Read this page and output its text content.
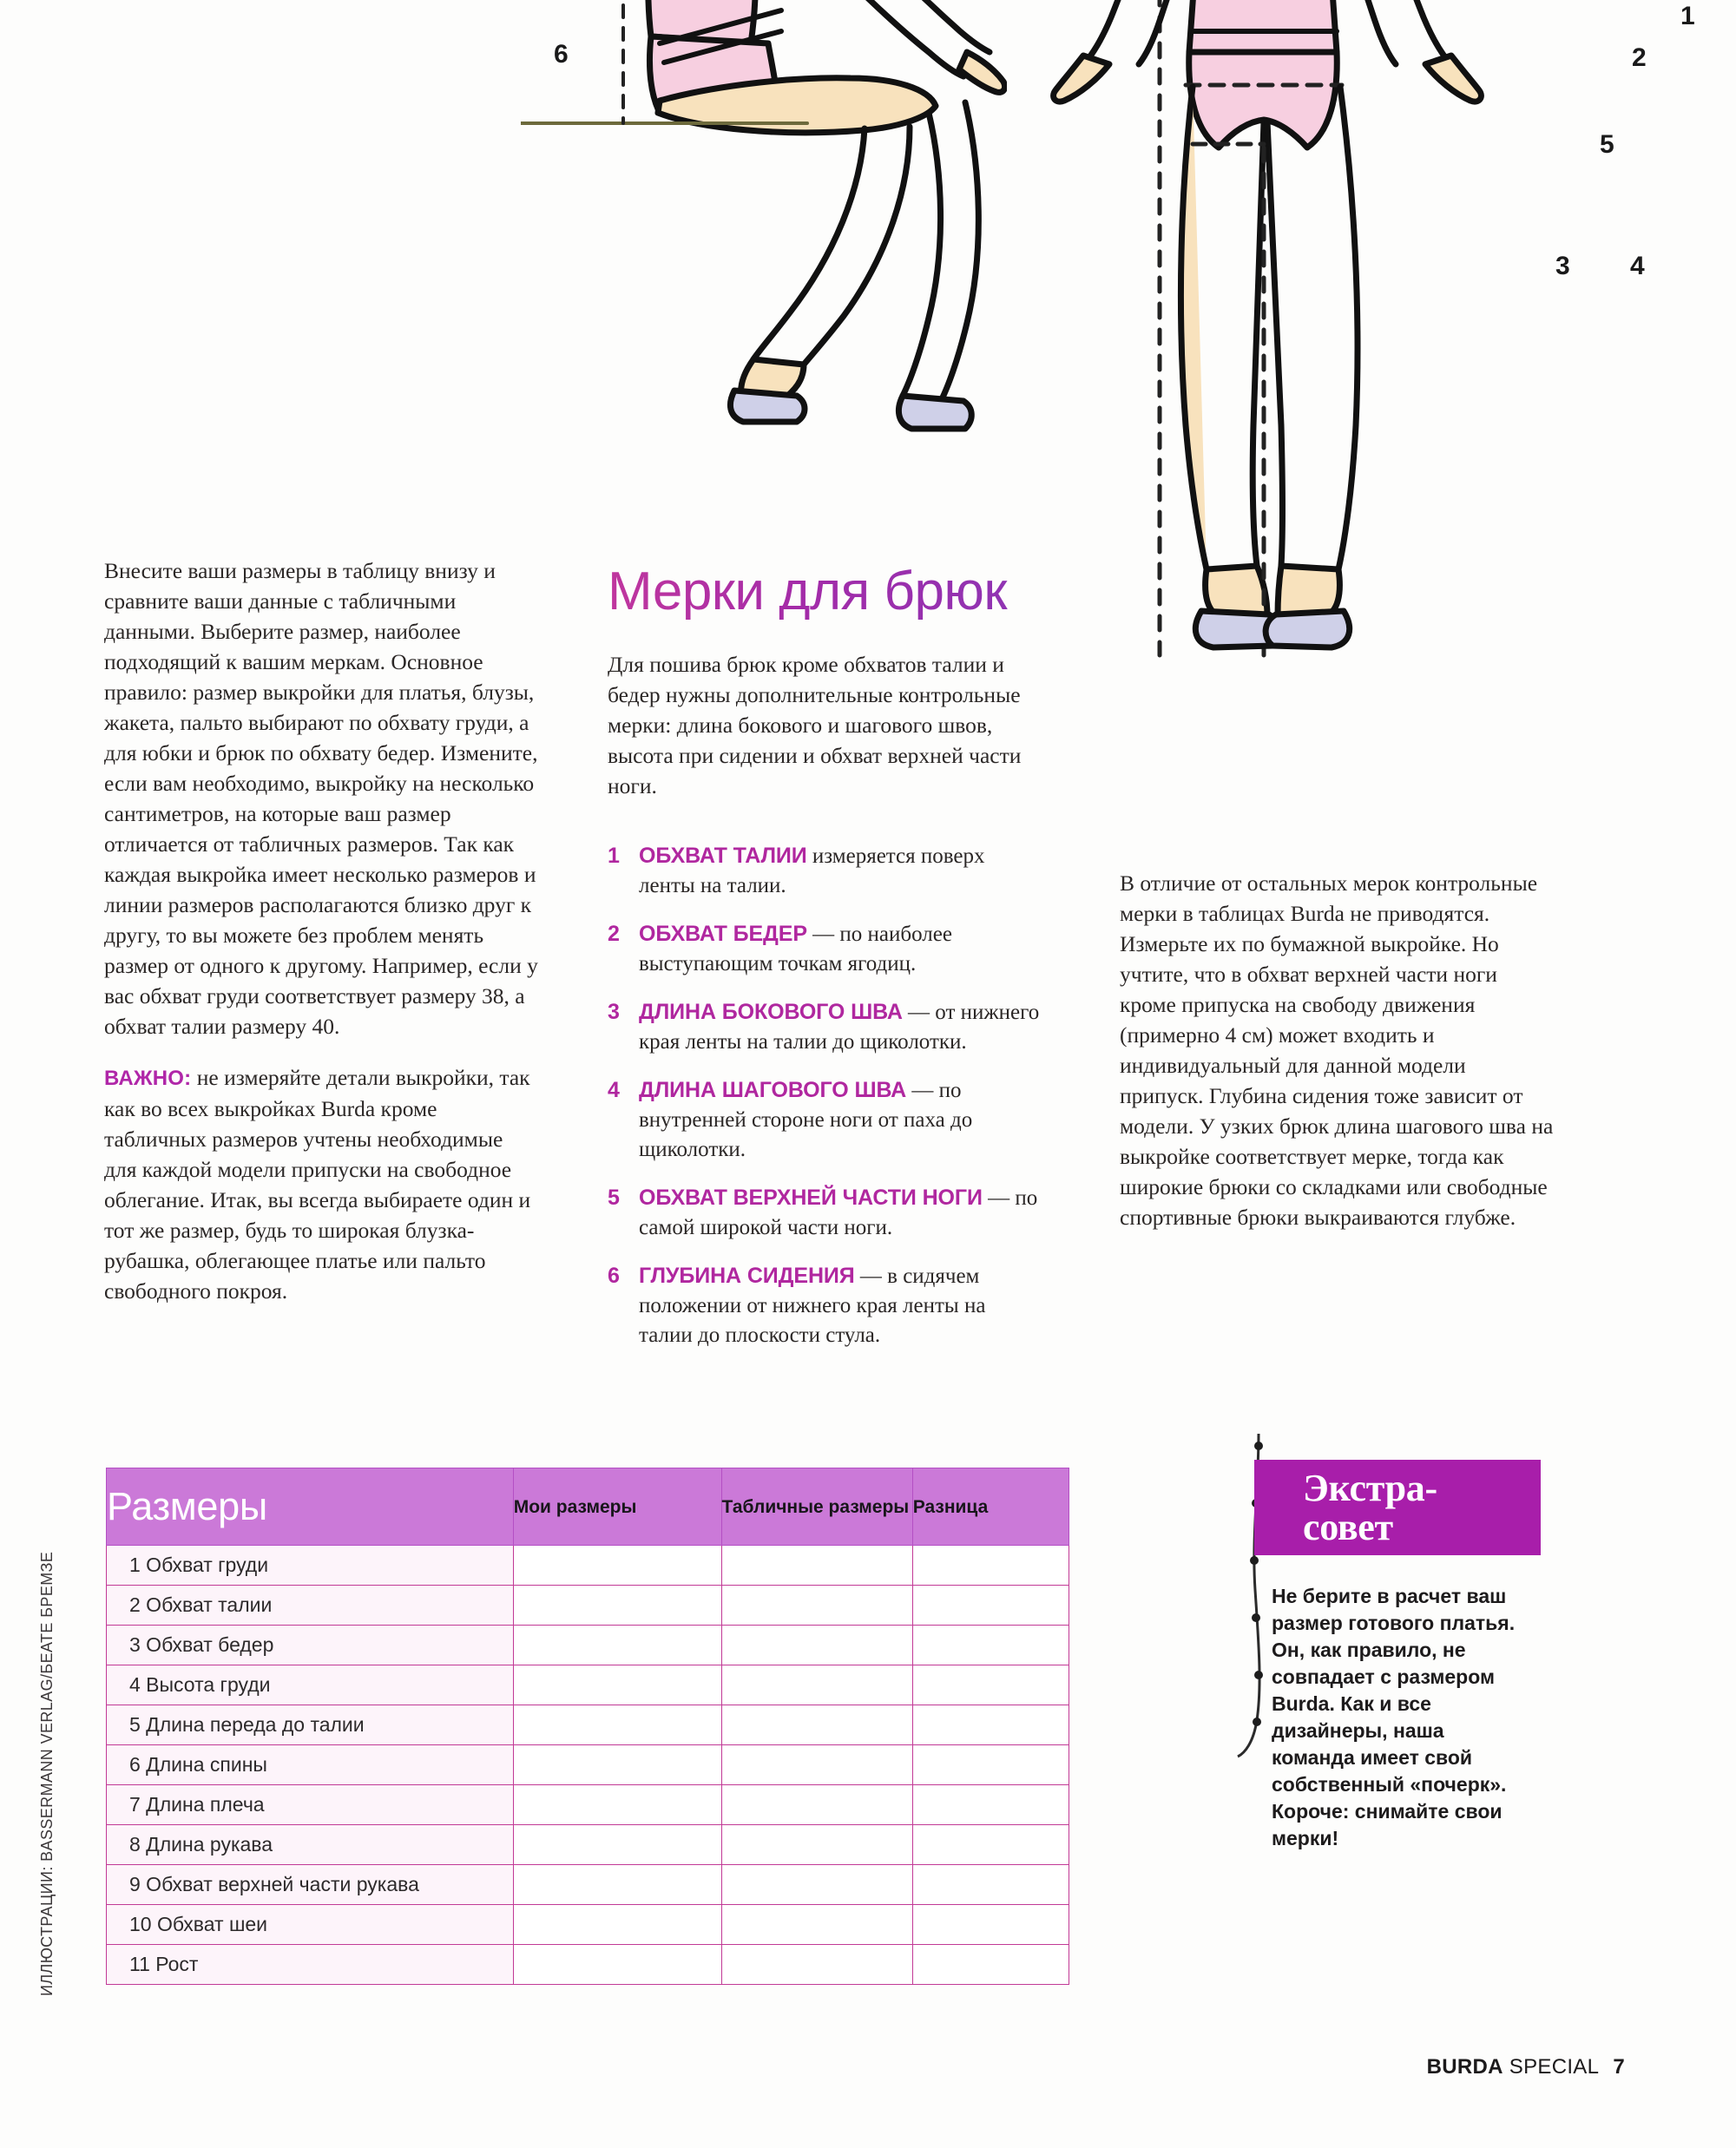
6
1
2
5
3 4

Внесите ваши размеры в таблицу внизу и сравните ваши данные с табличными данными. Выберите размер, наиболее подходящий к вашим меркам. Основное правило: размер выкройки для платья, блузы, жакета, пальто выбирают по обхвату груди, а для юбки и брюк по обхвату бедер. Измените, если вам необходимо, выкройку на несколько сантиметров, на которые ваш размер отличается от табличных размеров. Так как каждая выкройка имеет несколько размеров и линии размеров располагаются близко друг к другу, то вы можете без проблем менять размер от одного к другому. Например, если у вас обхват груди соответствует размеру 38, а обхват талии размеру 40.

ВАЖНО: не измеряйте детали выкройки, так как во всех выкройках Burda кроме табличных размеров учтены необходимые для каждой модели припуски на свободное облегание. Итак, вы всегда выбираете один и тот же размер, будь то широкая блузка-рубашка, облегающее платье или пальто свободного покроя.

Мерки для брюк

Для пошива брюк кроме обхватов талии и бедер нужны дополнительные контрольные мерки: длина бокового и шагового швов, высота при сидении и обхват верхней части ноги.

1 ОБХВАТ ТАЛИИ измеряется поверх ленты на талии.
2 ОБХВАТ БЕДЕР — по наиболее выступающим точкам ягодиц.
3 ДЛИНА БОКОВОГО ШВА — от нижнего края ленты на талии до щиколотки.
4 ДЛИНА ШАГОВОГО ШВА — по внутренней стороне ноги от паха до щиколотки.
5 ОБХВАТ ВЕРХНЕЙ ЧАСТИ НОГИ — по самой широкой части ноги.
6 ГЛУБИНА СИДЕНИЯ — в сидячем положении от нижнего края ленты на талии до плоскости стула.

В отличие от остальных мерок контрольные мерки в таблицах Burda не приводятся. Измерьте их по бумажной выкройке. Но учтите, что в обхват верхней части ноги кроме припуска на свободу движения (примерно 4 см) может входить и индивидуальный для данной модели припуск. Глубина сидения тоже зависит от модели. У узких брюк длина шагового шва на выкройке соответствует мерке, тогда как широкие брюки со складками или свободные спортивные брюки выкраиваются глубже.

Размеры	Мои размеры	Табличные размеры	Разница
1 Обхват груди			
2 Обхват талии			
3 Обхват бедер			
4 Высота груди			
5 Длина переда до талии			
6 Длина спины			
7 Длина плеча			
8 Длина рукава			
9 Обхват верхней части рукава			
10 Обхват шеи			
11 Рост			
Экстра-
совет
Не берите в расчет ваш размер готового платья. Он, как правило, не совпадает с размером Burda. Как и все дизайнеры, наша команда имеет свой собственный «почерк». Короче: снимайте свои мерки!
ИЛЛЮСТРАЦИИ: BASSERMANN VERLAG/БЕАТЕ БРЕМЗЕ
BURDA SPECIAL 7
